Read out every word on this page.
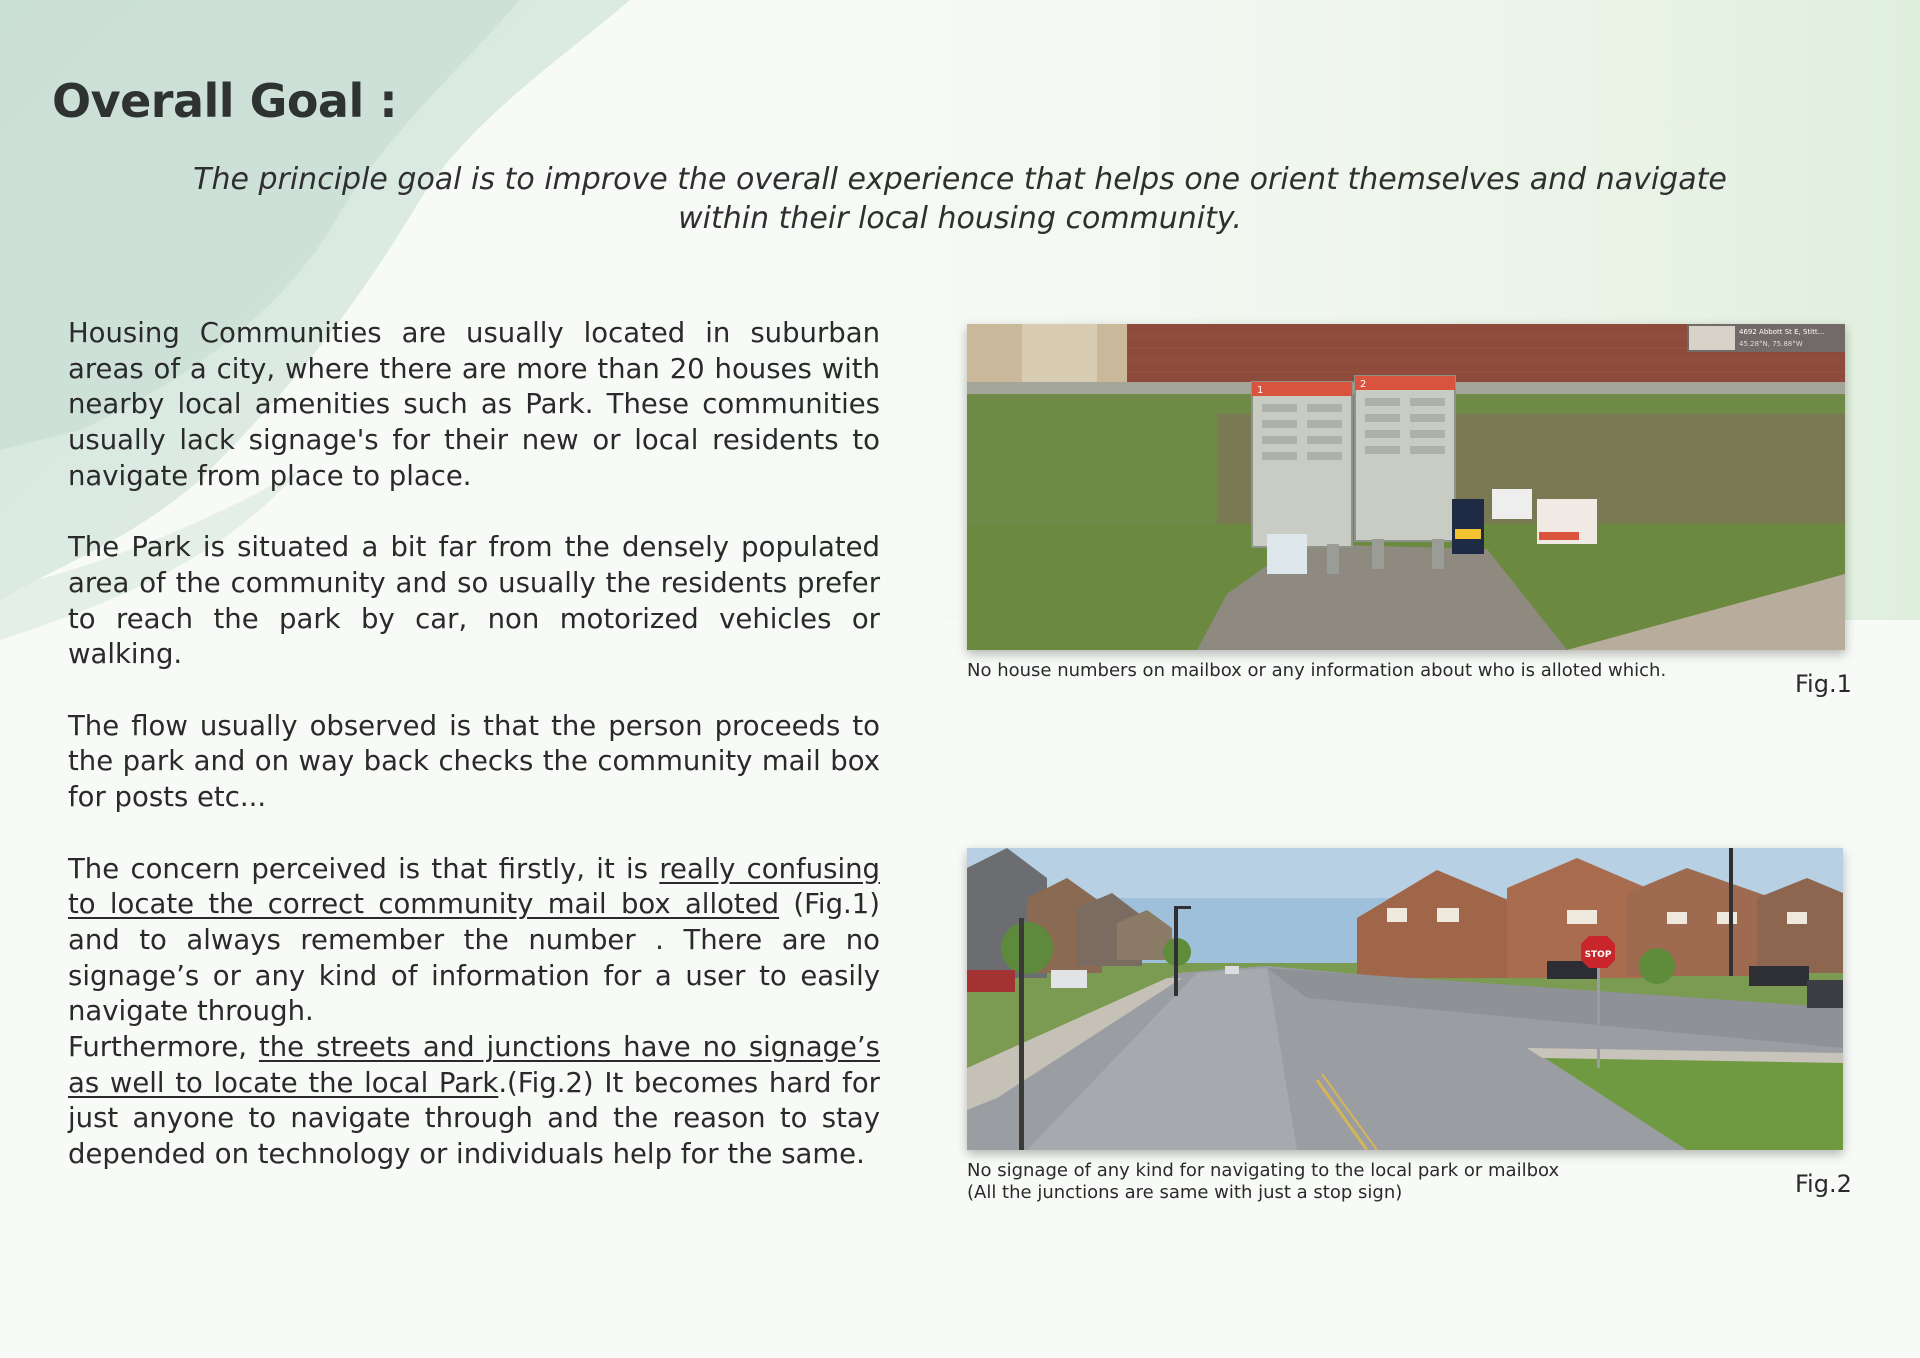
Overall Goal :

The principle goal is to improve the overall experience that helps one orient themselves and navigate within their local housing community.

Housing Communities are usually located in suburban areas of a city, where there are more than 20 houses with nearby local amenities such as Park. These communities usually lack signage's for their new or local residents to navigate from place to place.

The Park is situated a bit far from the densely populated area of the community and so usually the residents prefer to reach the park by car, non motorized vehicles or walking.

The flow usually observed is that the person proceeds to the park and on way back checks the community mail box for posts etc...

The concern perceived is that firstly, it is really confusing to locate the correct community mail box alloted (Fig.1) and to always remember the number . There are no signage’s or any kind of information for a user to easily navigate through.

Furthermore, the streets and junctions have no signage’s as well to locate the local Park.(Fig.2) It becomes hard for just anyone to navigate through and the reason to stay depended on technology or individuals help for the same.

1
2
4692 Abbott St E, Stitt...
45.28°N, 75.88°W
No house numbers on mailbox or any information about who is alloted which.	Fig.1
STOP
No signage of any kind for navigating to the local park or mailbox
(All the junctions are same with just a stop sign)	Fig.2
